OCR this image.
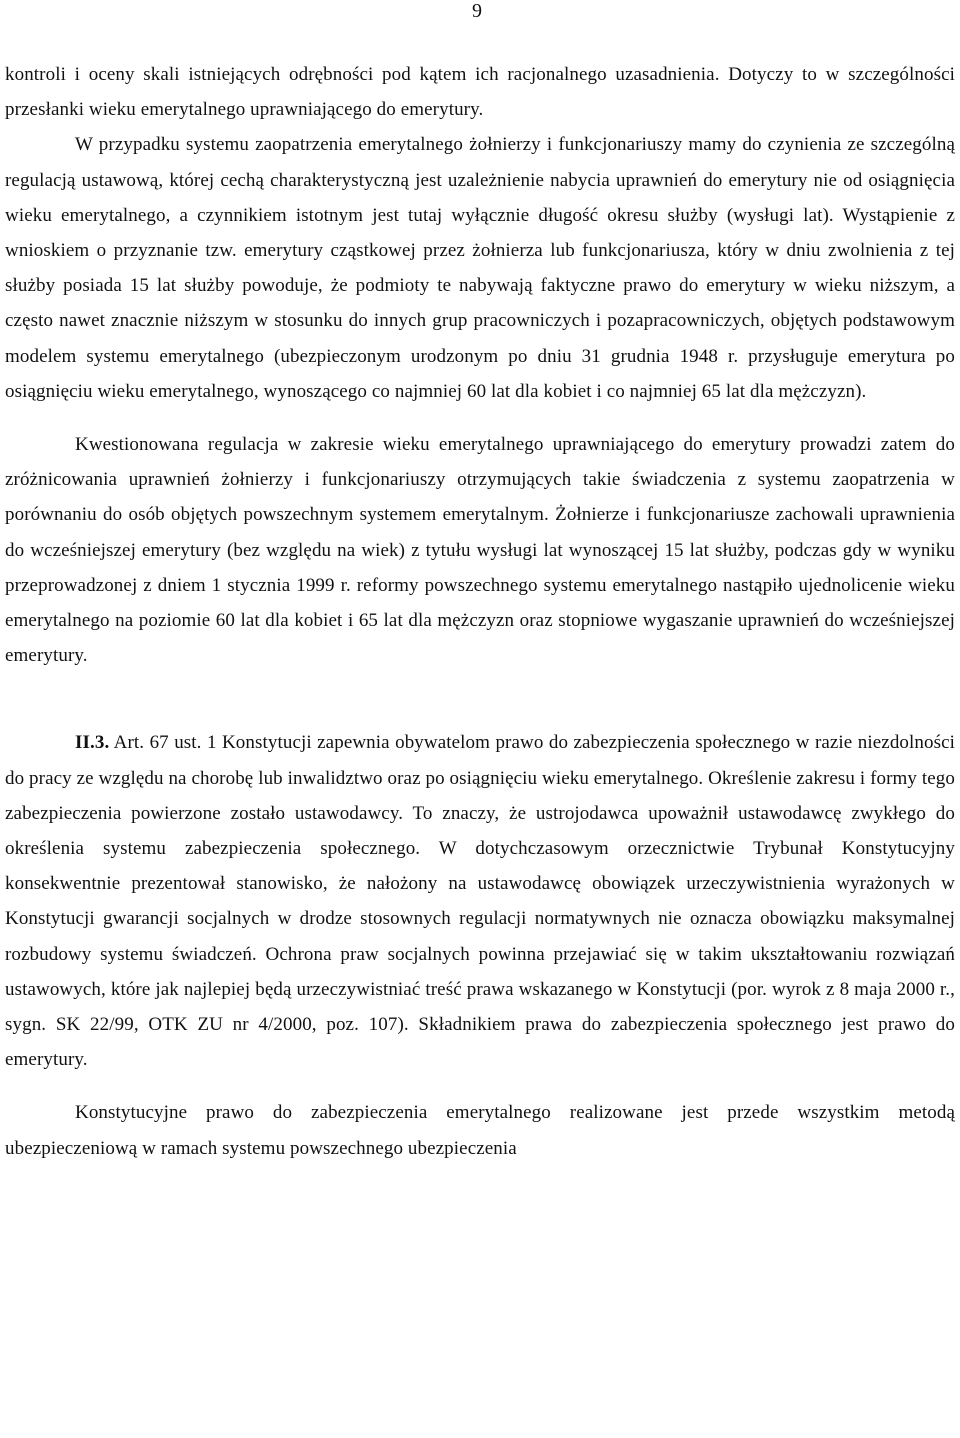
9

kontroli i oceny skali istniejących odrębności pod kątem ich racjonalnego uzasadnienia. Dotyczy to w szczególności przesłanki wieku emerytalnego uprawniającego do emerytury.

W przypadku systemu zaopatrzenia emerytalnego żołnierzy i funkcjonariuszy mamy do czynienia ze szczególną regulacją ustawową, której cechą charakterystyczną jest uzależnienie nabycia uprawnień do emerytury nie od osiągnięcia wieku emerytalnego, a czynnikiem istotnym jest tutaj wyłącznie długość okresu służby (wysługi lat). Wystąpienie z wnioskiem o przyznanie tzw. emerytury cząstkowej przez żołnierza lub funkcjonariusza, który w dniu zwolnienia z tej służby posiada 15 lat służby powoduje, że podmioty te nabywają faktyczne prawo do emerytury w wieku niższym, a często nawet znacznie niższym w stosunku do innych grup pracowniczych i pozapracowniczych, objętych podstawowym modelem systemu emerytalnego (ubezpieczonym urodzonym po dniu 31 grudnia 1948 r. przysługuje emerytura po osiągnięciu wieku emerytalnego, wynoszącego co najmniej 60 lat dla kobiet i co najmniej 65 lat dla mężczyzn).

Kwestionowana regulacja w zakresie wieku emerytalnego uprawniającego do emerytury prowadzi zatem do zróżnicowania uprawnień żołnierzy i funkcjonariuszy otrzymujących takie świadczenia z systemu zaopatrzenia w porównaniu do osób objętych powszechnym systemem emerytalnym. Żołnierze i funkcjonariusze zachowali uprawnienia do wcześniejszej emerytury (bez względu na wiek) z tytułu wysługi lat wynoszącej 15 lat służby, podczas gdy w wyniku przeprowadzonej z dniem 1 stycznia 1999 r. reformy powszechnego systemu emerytalnego nastąpiło ujednolicenie wieku emerytalnego na poziomie 60 lat dla kobiet i 65 lat dla mężczyzn oraz stopniowe wygaszanie uprawnień do wcześniejszej emerytury.

II.3. Art. 67 ust. 1 Konstytucji zapewnia obywatelom prawo do zabezpieczenia społecznego w razie niezdolności do pracy ze względu na chorobę lub inwalidztwo oraz po osiągnięciu wieku emerytalnego. Określenie zakresu i formy tego zabezpieczenia powierzone zostało ustawodawcy. To znaczy, że ustrojodawca upoważnił ustawodawcę zwykłego do określenia systemu zabezpieczenia społecznego. W dotychczasowym orzecznictwie Trybunał Konstytucyjny konsekwentnie prezentował stanowisko, że nałożony na ustawodawcę obowiązek urzeczywistnienia wyrażonych w Konstytucji gwarancji socjalnych w drodze stosownych regulacji normatywnych nie oznacza obowiązku maksymalnej rozbudowy systemu świadczeń. Ochrona praw socjalnych powinna przejawiać się w takim ukształtowaniu rozwiązań ustawowych, które jak najlepiej będą urzeczywistniać treść prawa wskazanego w Konstytucji (por. wyrok z 8 maja 2000 r., sygn. SK 22/99, OTK ZU nr 4/2000, poz. 107). Składnikiem prawa do zabezpieczenia społecznego jest prawo do emerytury.

Konstytucyjne prawo do zabezpieczenia emerytalnego realizowane jest przede wszystkim metodą ubezpieczeniową w ramach systemu powszechnego ubezpieczenia
